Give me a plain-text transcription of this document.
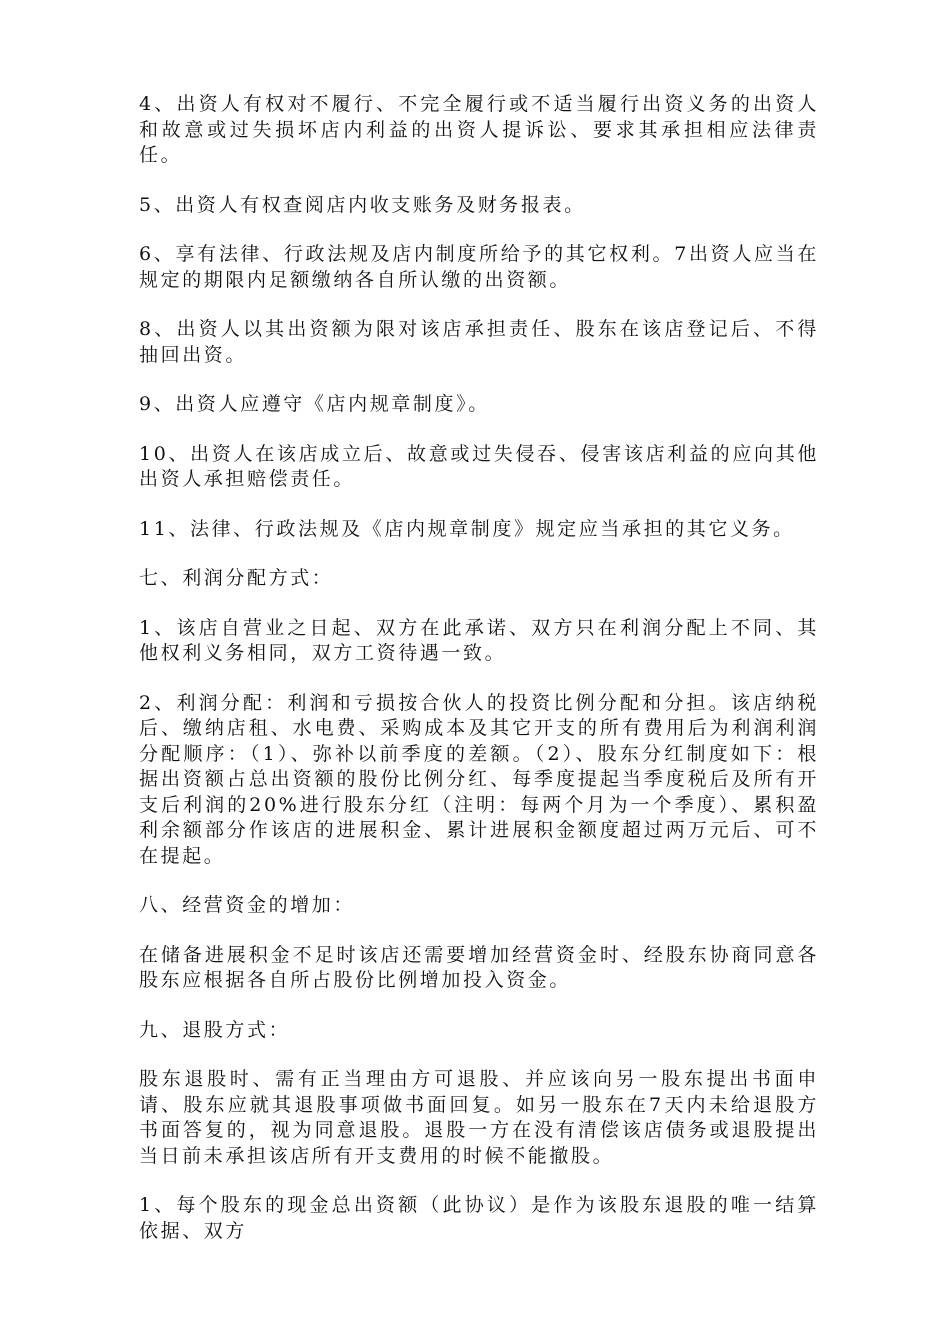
4、出资人有权对不履行、不完全履行或不适当履行出资义务的出资人和故意或过失损坏店内利益的出资人提诉讼、要求其承担相应法律责任。

5、出资人有权查阅店内收支账务及财务报表。

6、享有法律、行政法规及店内制度所给予的其它权利。7出资人应当在规定的期限内足额缴纳各自所认缴的出资额。

8、出资人以其出资额为限对该店承担责任、股东在该店登记后、不得抽回出资。

9、出资人应遵守《店内规章制度》。

10、出资人在该店成立后、故意或过失侵吞、侵害该店利益的应向其他出资人承担赔偿责任。

11、法律、行政法规及《店内规章制度》规定应当承担的其它义务。

七、利润分配方式：

1、该店自营业之日起、双方在此承诺、双方只在利润分配上不同、其他权利义务相同，双方工资待遇一致。

2、利润分配：利润和亏损按合伙人的投资比例分配和分担。该店纳税后、缴纳店租、水电费、采购成本及其它开支的所有费用后为利润利润分配顺序：（1）、弥补以前季度的差额。（2）、股东分红制度如下：根据出资额占总出资额的股份比例分红、每季度提起当季度税后及所有开支后利润的20%进行股东分红（注明：每两个月为一个季度）、累积盈利余额部分作该店的进展积金、累计进展积金额度超过两万元后、可不在提起。

八、经营资金的增加：

在储备进展积金不足时该店还需要增加经营资金时、经股东协商同意各股东应根据各自所占股份比例增加投入资金。

九、退股方式：

股东退股时、需有正当理由方可退股、并应该向另一股东提出书面申请、股东应就其退股事项做书面回复。如另一股东在7天内未给退股方书面答复的，视为同意退股。退股一方在没有清偿该店债务或退股提出当日前未承担该店所有开支费用的时候不能撤股。

1、每个股东的现金总出资额（此协议）是作为该股东退股的唯一结算依据、双方
